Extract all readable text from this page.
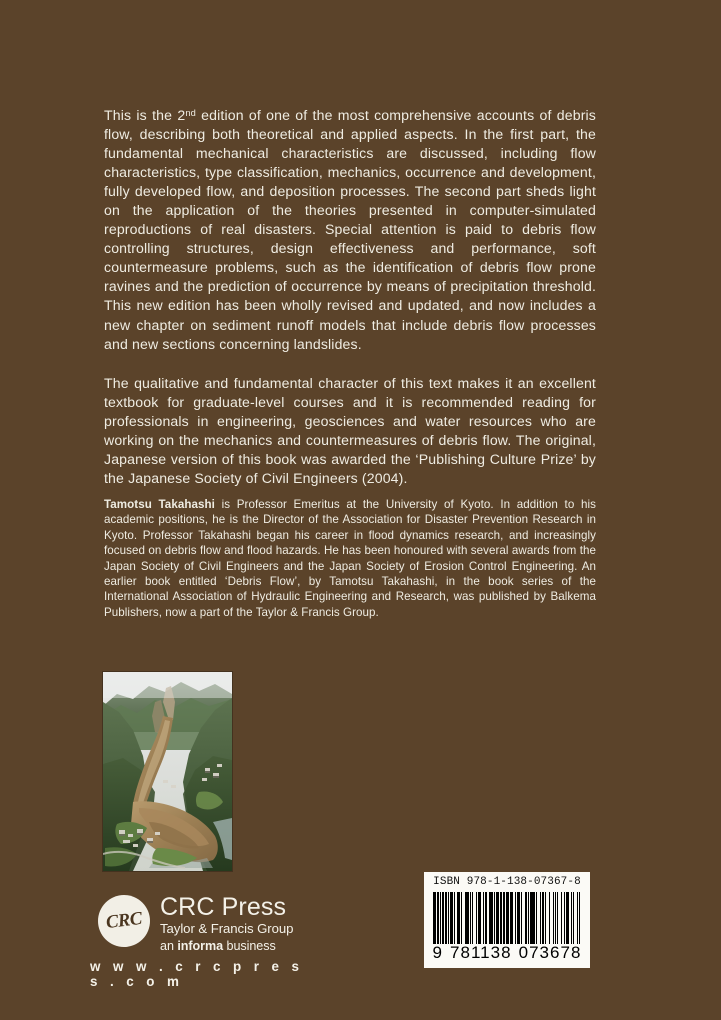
This is the 2nd edition of one of the most comprehensive accounts of debris flow, describing both theoretical and applied aspects. In the first part, the fundamental mechanical characteristics are discussed, including flow characteristics, type classification, mechanics, occurrence and development, fully developed flow, and deposition processes. The second part sheds light on the application of the theories presented in computer-simulated reproductions of real disasters. Special attention is paid to debris flow controlling structures, design effectiveness and performance, soft countermeasure problems, such as the identification of debris flow prone ravines and the prediction of occurrence by means of precipitation threshold. This new edition has been wholly revised and updated, and now includes a new chapter on sediment runoff models that include debris flow processes and new sections concerning landslides.

The qualitative and fundamental character of this text makes it an excellent textbook for graduate-level courses and it is recommended reading for professionals in engineering, geosciences and water resources who are working on the mechanics and countermeasures of debris flow. The original, Japanese version of this book was awarded the ‘Publishing Culture Prize’ by the Japanese Society of Civil Engineers (2004).

Tamotsu Takahashi is Professor Emeritus at the University of Kyoto. In addition to his academic positions, he is the Director of the Association for Disaster Prevention Research in Kyoto. Professor Takahashi began his career in flood dynamics research, and increasingly focused on debris flow and flood hazards. He has been honoured with several awards from the Japan Society of Civil Engineers and the Japan Society of Erosion Control Engineering. An earlier book entitled ‘Debris Flow’, by Tamotsu Takahashi, in the book series of the International Association of Hydraulic Engineering and Research, was published by Balkema Publishers, now a part of the Taylor & Francis Group.

CRC CRC Press
Taylor & Francis Group
an informa business
w w w . c r c p r e s s . c o m
ISBN 978-1-138-07367-8
9 781138 073678
